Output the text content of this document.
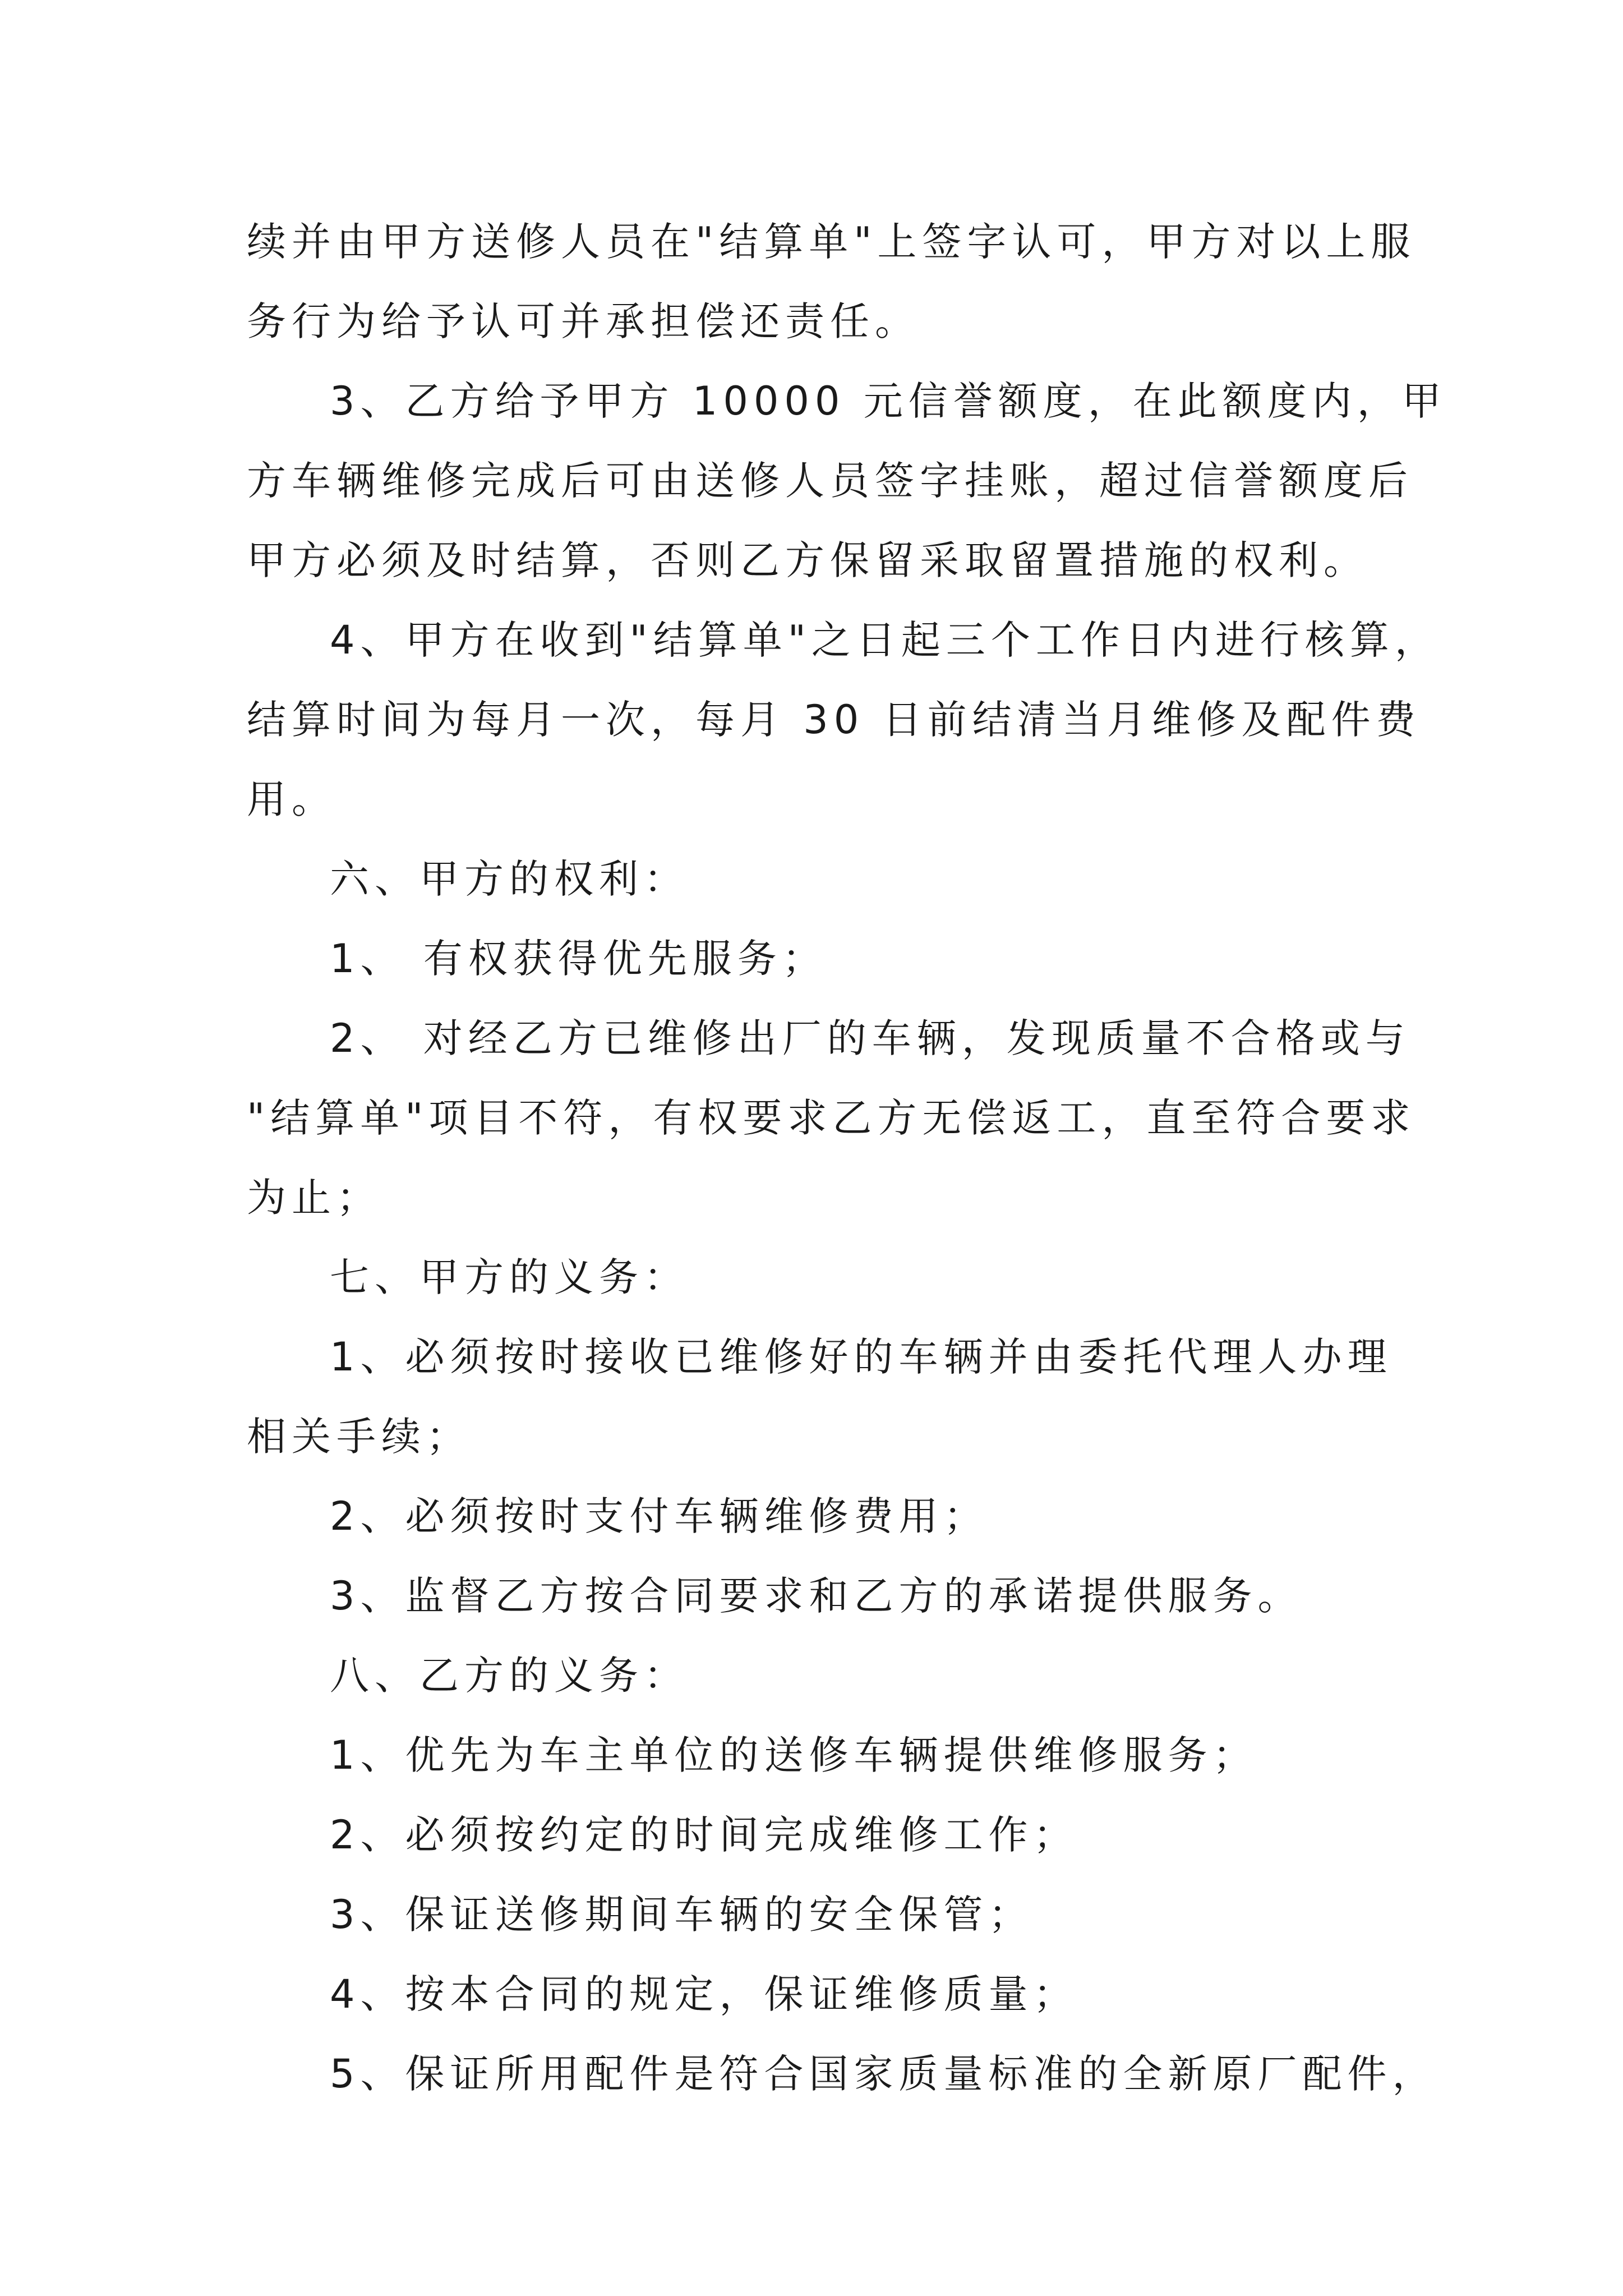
续并由甲方送修人员在"结算单"上签字认可，甲方对以上服

务行为给予认可并承担偿还责任。

3、乙方给予甲方 10000 元信誉额度，在此额度内，甲

方车辆维修完成后可由送修人员签字挂账，超过信誉额度后

甲方必须及时结算，否则乙方保留采取留置措施的权利。

4、甲方在收到"结算单"之日起三个工作日内进行核算，

结算时间为每月一次，每月 30 日前结清当月维修及配件费

用。

六、甲方的权利：

1、 有权获得优先服务；

2、 对经乙方已维修出厂的车辆，发现质量不合格或与

"结算单"项目不符，有权要求乙方无偿返工，直至符合要求

为止；

七、甲方的义务：

1、必须按时接收已维修好的车辆并由委托代理人办理

相关手续；

2、必须按时支付车辆维修费用；

3、监督乙方按合同要求和乙方的承诺提供服务。

八、乙方的义务：

1、优先为车主单位的送修车辆提供维修服务；

2、必须按约定的时间完成维修工作；

3、保证送修期间车辆的安全保管；

4、按本合同的规定，保证维修质量；

5、保证所用配件是符合国家质量标准的全新原厂配件，
